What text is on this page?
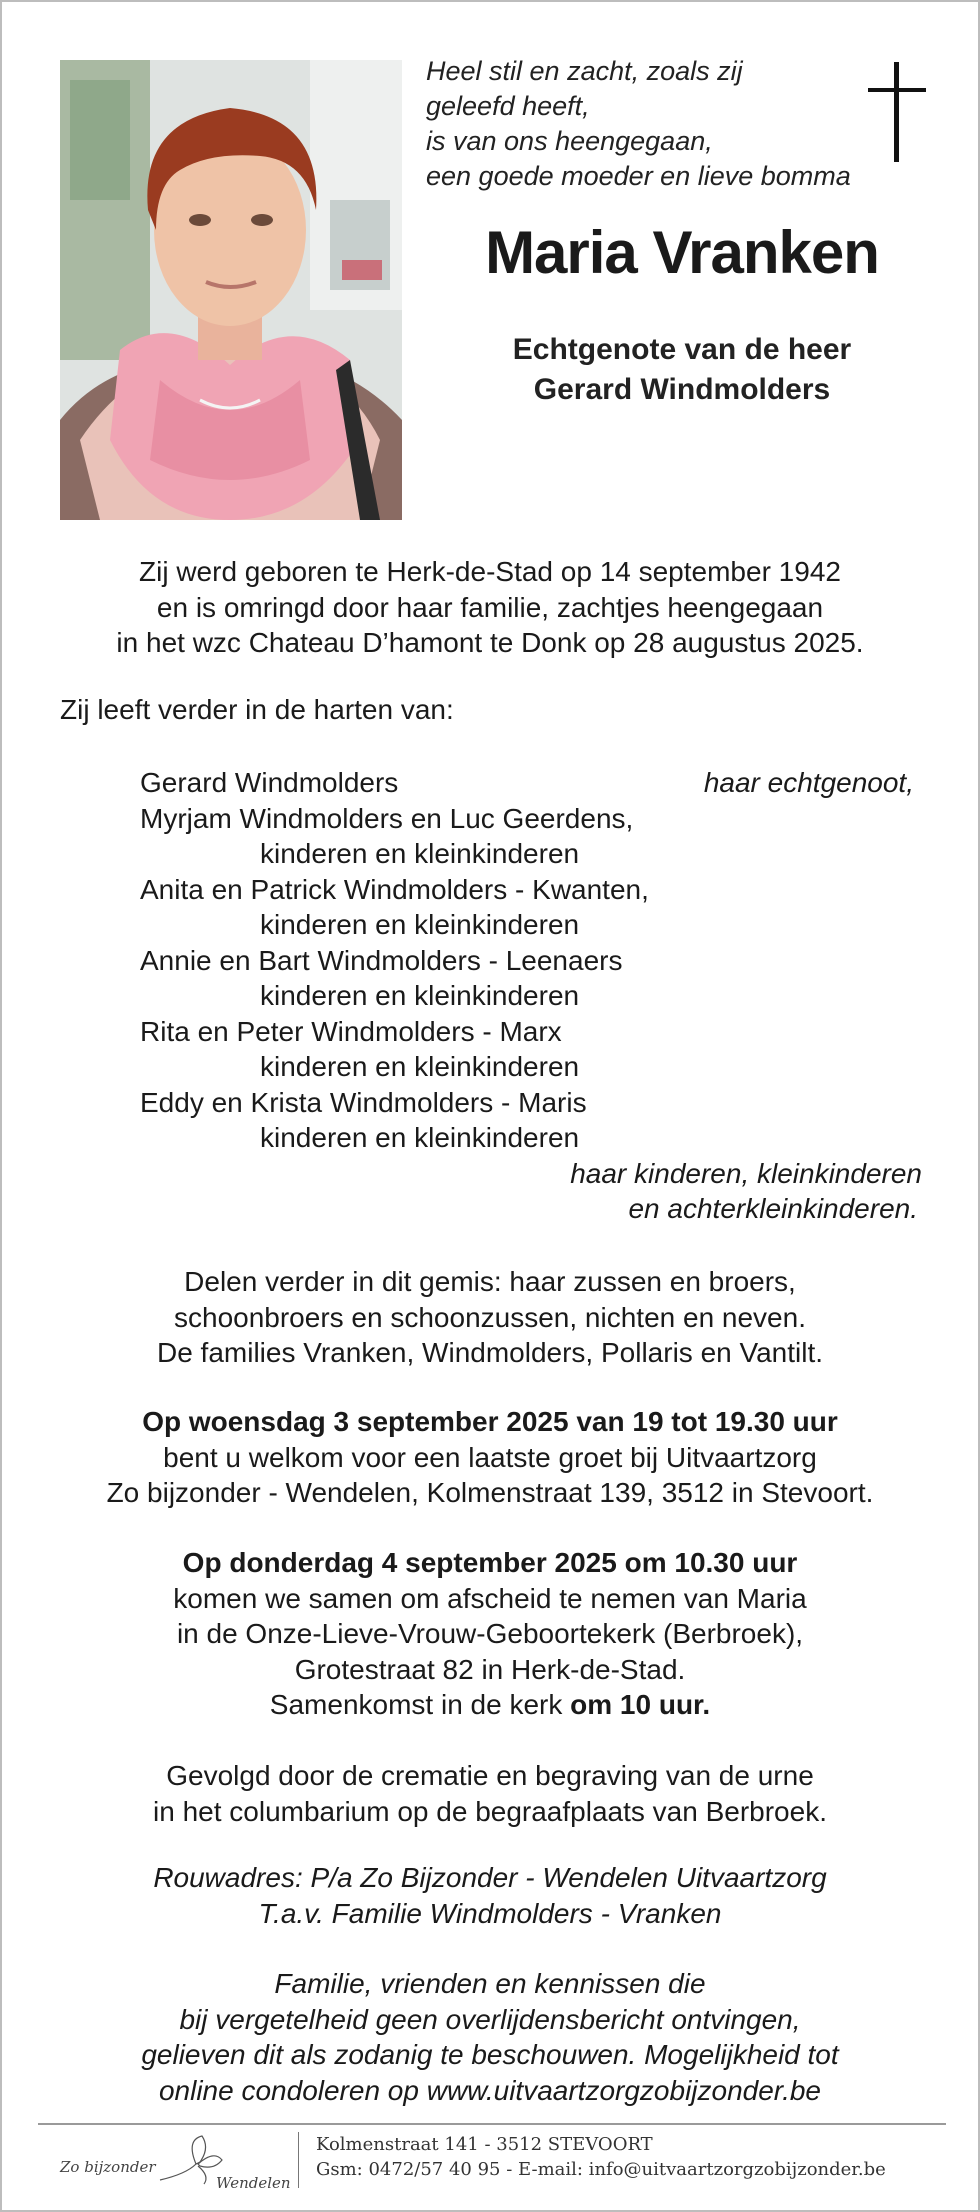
Heel stil en zacht, zoals zij
geleefd heeft,
is van ons heengegaan,
een goede moeder en lieve bomma
Maria Vranken
Echtgenote van de heer
Gerard Windmolders
Zij werd geboren te Herk-de-Stad op 14 september 1942
en is omringd door haar familie, zachtjes heengegaan
in het wzc Chateau D’hamont te Donk op 28 augustus 2025.
Zij leeft verder in de harten van:
Gerard Windmolders	haar echtgenoot,
Myrjam Windmolders en Luc Geerdens,
kinderen en kleinkinderen
Anita en Patrick Windmolders - Kwanten,
kinderen en kleinkinderen
Annie en Bart Windmolders - Leenaers
kinderen en kleinkinderen
Rita en Peter Windmolders - Marx
kinderen en kleinkinderen
Eddy en Krista Windmolders - Maris
kinderen en kleinkinderen
haar kinderen, kleinkinderen
en achterkleinkinderen.
Delen verder in dit gemis: haar zussen en broers,
schoonbroers en schoonzussen, nichten en neven.
De families Vranken, Windmolders, Pollaris en Vantilt.
Op woensdag 3 september 2025 van 19 tot 19.30 uur
bent u welkom voor een laatste groet bij Uitvaartzorg
Zo bijzonder - Wendelen, Kolmenstraat 139, 3512 in Stevoort.
Op donderdag 4 september 2025 om 10.30 uur
komen we samen om afscheid te nemen van Maria
in de Onze-Lieve-Vrouw-Geboortekerk (Berbroek),
Grotestraat 82 in Herk-de-Stad.
Samenkomst in de kerk om 10 uur.
Gevolgd door de crematie en begraving van de urne
in het columbarium op de begraafplaats van Berbroek.
Rouwadres: P/a Zo Bijzonder - Wendelen Uitvaartzorg
T.a.v. Familie Windmolders - Vranken
Familie, vrienden en kennissen die
bij vergetelheid geen overlijdensbericht ontvingen,
gelieven dit als zodanig te beschouwen. Mogelijkheid tot
online condoleren op www.uitvaartzorgzobijzonder.be
Zo bijzonder
Wendelen
Kolmenstraat 141 - 3512 STEVOORT
Gsm: 0472/57 40 95 - E-mail: info@uitvaartzorgzobijzonder.be
